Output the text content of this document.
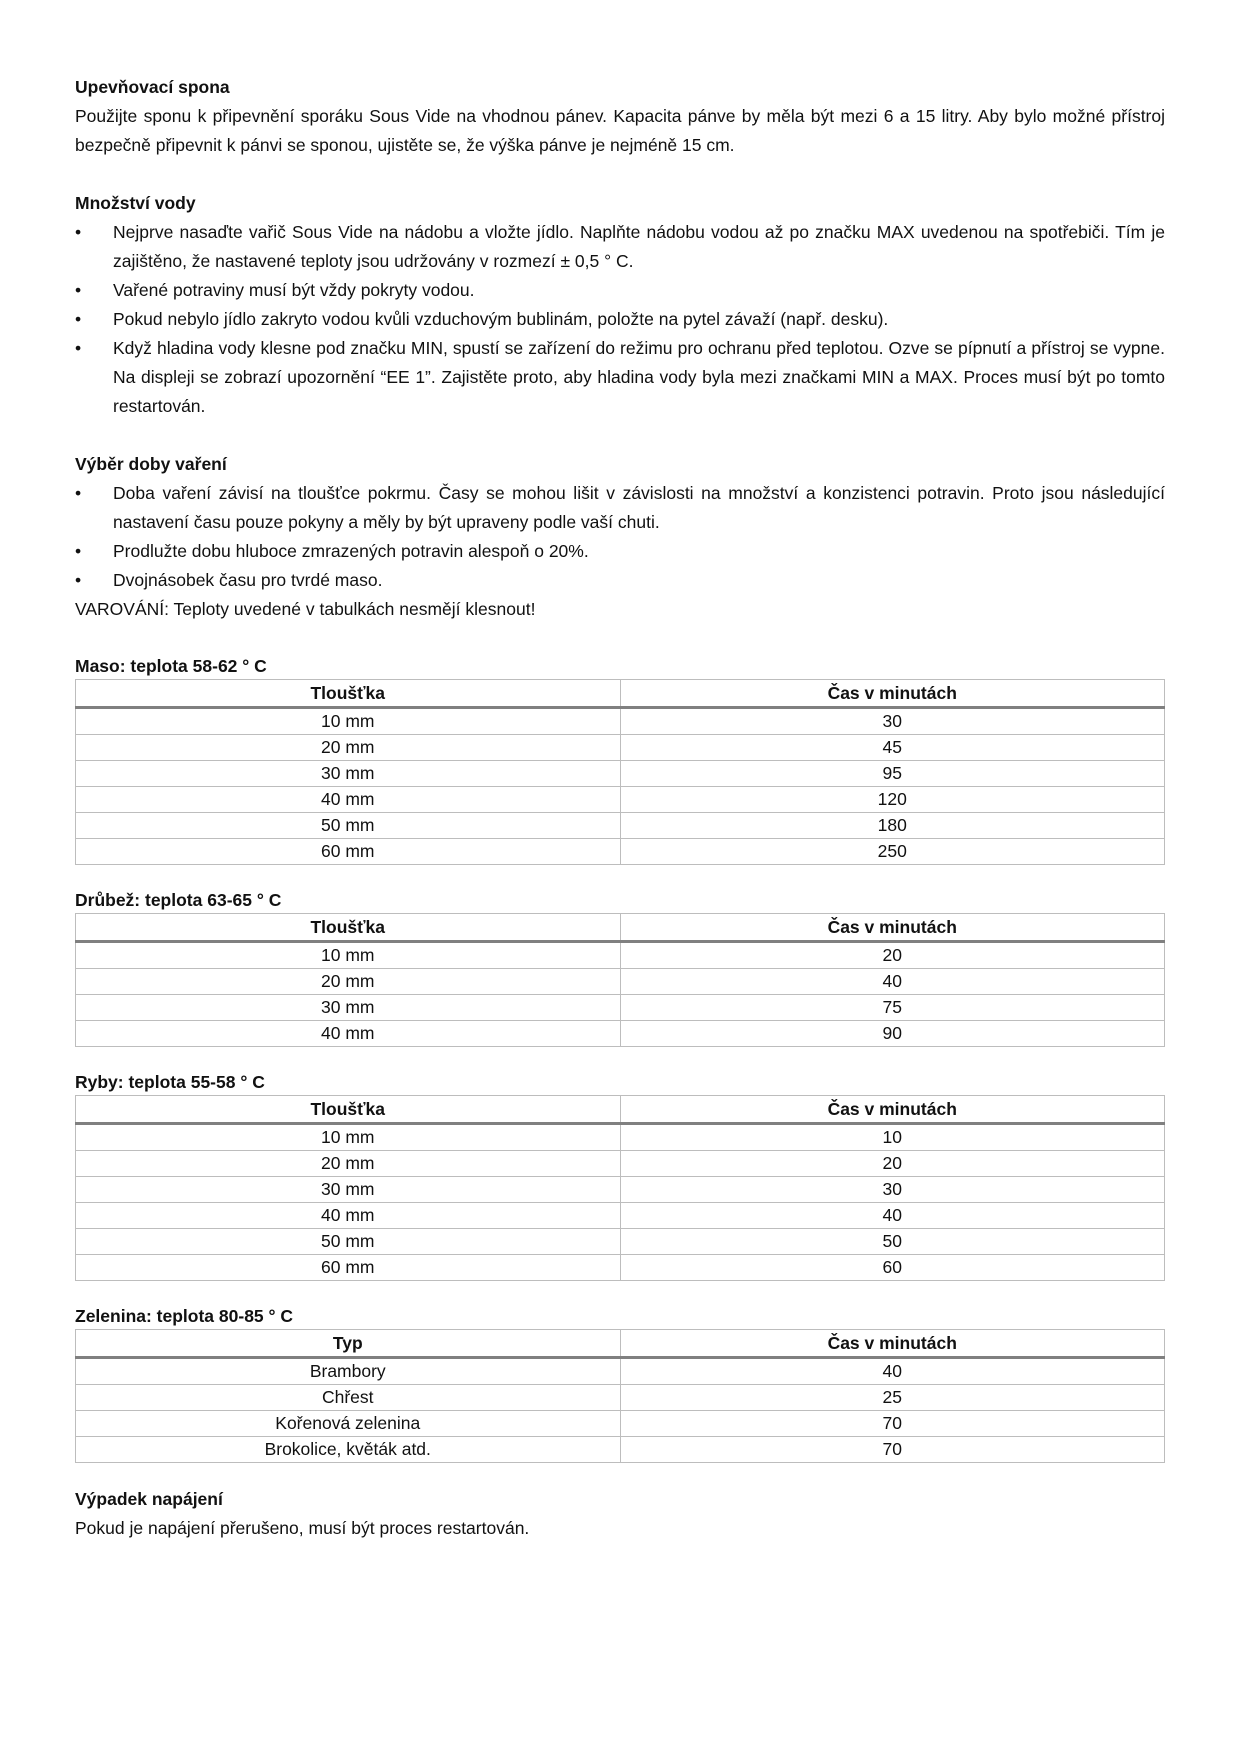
Upevňovací spona

Použijte sponu k připevnění sporáku Sous Vide na vhodnou pánev. Kapacita pánve by měla být mezi 6 a 15 litry. Aby bylo možné přístroj bezpečně připevnit k pánvi se sponou, ujistěte se, že výška pánve je nejméně 15 cm.

Množství vody

•	Nejprve nasaďte vařič Sous Vide na nádobu a vložte jídlo. Naplňte nádobu vodou až po značku MAX uvedenou na spotřebiči. Tím je zajištěno, že nastavené teploty jsou udržovány v rozmezí ± 0,5 ° C.
•	Vařené potraviny musí být vždy pokryty vodou.
•	Pokud nebylo jídlo zakryto vodou kvůli vzduchovým bublinám, položte na pytel závaží (např. desku).
•	Když hladina vody klesne pod značku MIN, spustí se zařízení do režimu pro ochranu před teplotou. Ozve se pípnutí a přístroj se vypne. Na displeji se zobrazí upozornění “EE 1”. Zajistěte proto, aby hladina vody byla mezi značkami MIN a MAX. Proces musí být po tomto restartován.

Výběr doby vaření

•	Doba vaření závisí na tloušťce pokrmu. Časy se mohou lišit v závislosti na množství a konzistenci potravin. Proto jsou následující nastavení času pouze pokyny a měly by být upraveny podle vaší chuti.
•	Prodlužte dobu hluboce zmrazených potravin alespoň o 20%.
•	Dvojnásobek času pro tvrdé maso.

VAROVÁNÍ: Teploty uvedené v tabulkách nesmějí klesnout!

Maso: teplota 58-62 ° C

Tloušťka	Čas v minutách
10 mm	30
20 mm	45
30 mm	95
40 mm	120
50 mm	180
60 mm	250

Drůbež: teplota 63-65 ° C

Tloušťka	Čas v minutách
10 mm	20
20 mm	40
30 mm	75
40 mm	90

Ryby: teplota 55-58 ° C

Tloušťka	Čas v minutách
10 mm	10
20 mm	20
30 mm	30
40 mm	40
50 mm	50
60 mm	60

Zelenina: teplota 80-85 ° C

Typ	Čas v minutách
Brambory	40
Chřest	25
Kořenová zelenina	70
Brokolice, květák atd.	70

Výpadek napájení

Pokud je napájení přerušeno, musí být proces restartován.
